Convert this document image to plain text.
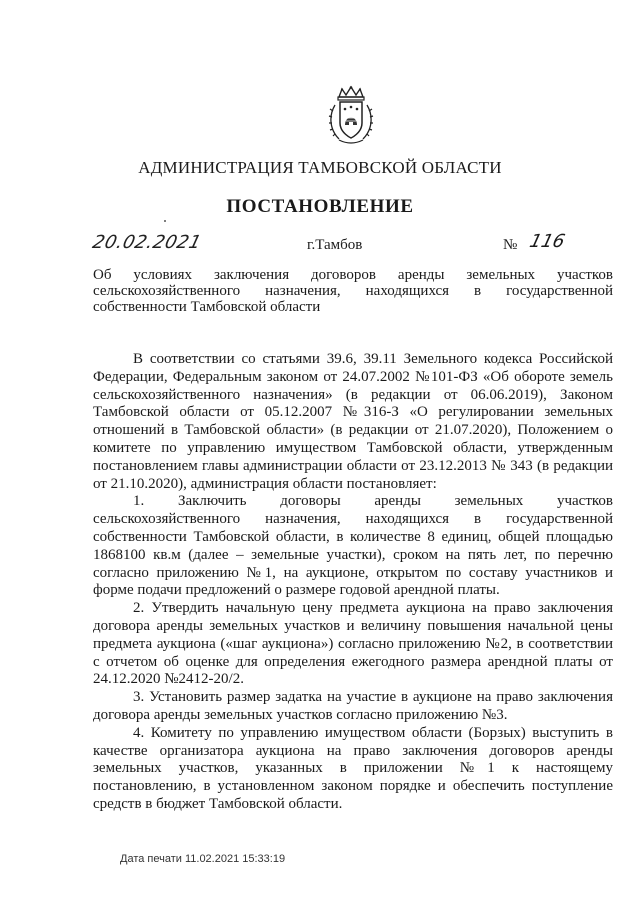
АДМИНИСТРАЦИЯ ТАМБОВСКОЙ ОБЛАСТИ
ПОСТАНОВЛЕНИЕ
20.02.2021	г.Тамбов	№ 116
Об условиях заключения договоров аренды земельных участков сельскохозяйственного назначения, находящихся в государственной собственности Тамбовской области

В соответствии со статьями 39.6, 39.11 Земельного кодекса Российской Федерации, Федеральным законом от 24.07.2002 №101-ФЗ «Об обороте земель сельскохозяйственного назначения» (в редакции от 06.06.2019), Законом Тамбовской области от 05.12.2007 №316-З «О регулировании земельных отношений в Тамбовской области» (в редакции от 21.07.2020), Положением о комитете по управлению имуществом Тамбовской области, утвержденным постановлением главы администрации области от 23.12.2013 № 343 (в редакции от 21.10.2020), администрация области постановляет:

1. Заключить договоры аренды земельных участков сельскохозяйственного назначения, находящихся в государственной собственности Тамбовской области, в количестве 8 единиц, общей площадью 1868100 кв.м (далее – земельные участки), сроком на пять лет, по перечню согласно приложению №1, на аукционе, открытом по составу участников и форме подачи предложений о размере годовой арендной платы.

2. Утвердить начальную цену предмета аукциона на право заключения договора аренды земельных участков и величину повышения начальной цены предмета аукциона («шаг аукциона») согласно приложению №2, в соответствии с отчетом об оценке для определения ежегодного размера арендной платы от 24.12.2020 №2412-20/2.

3. Установить размер задатка на участие в аукционе на право заключения договора аренды земельных участков согласно приложению №3.

4. Комитету по управлению имуществом области (Борзых) выступить в качестве организатора аукциона на право заключения договоров аренды земельных участков, указанных в приложении №1 к настоящему постановлению, в установленном законом порядке и обеспечить поступление средств в бюджет Тамбовской области.

Дата печати 11.02.2021 15:33:19
